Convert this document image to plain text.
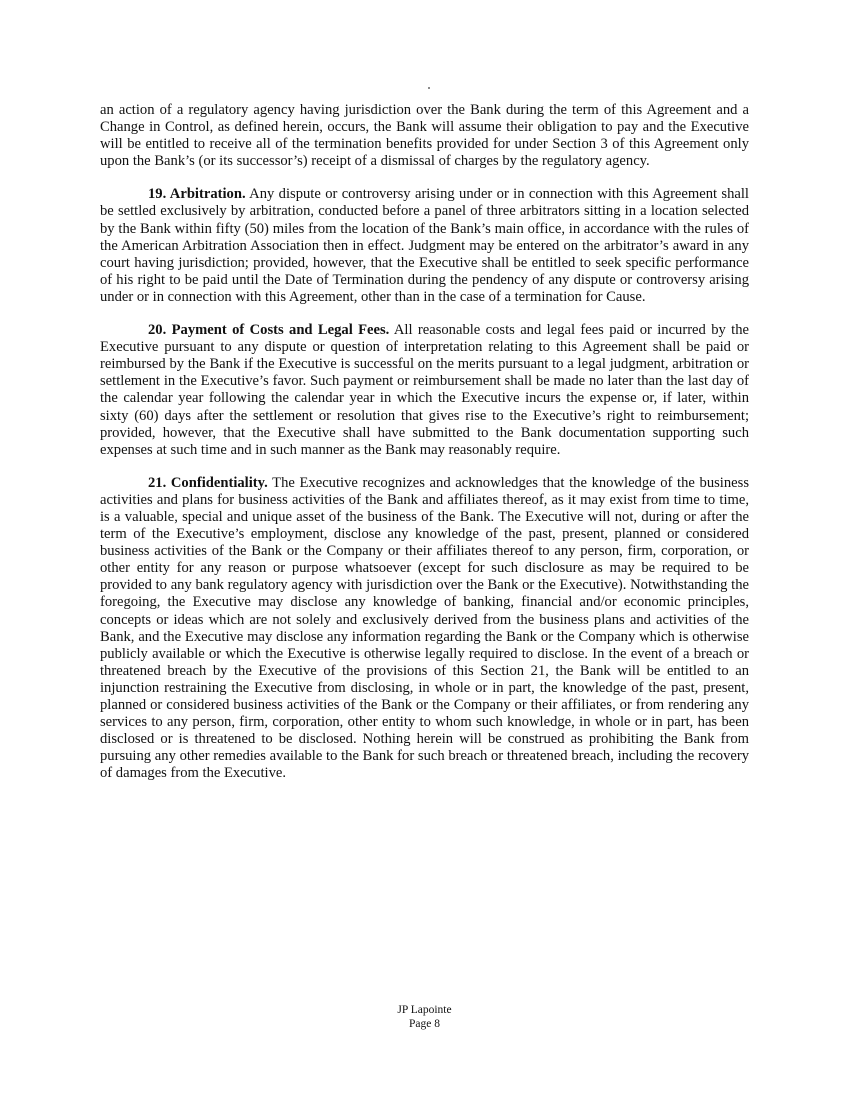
an action of a regulatory agency having jurisdiction over the Bank during the term of this Agreement and a Change in Control, as defined herein, occurs, the Bank will assume their obligation to pay and the Executive will be entitled to receive all of the termination benefits provided for under Section 3 of this Agreement only upon the Bank’s (or its successor’s) receipt of a dismissal of charges by the regulatory agency.

19. Arbitration. Any dispute or controversy arising under or in connection with this Agreement shall be settled exclusively by arbitration, conducted before a panel of three arbitrators sitting in a location selected by the Bank within fifty (50) miles from the location of the Bank’s main office, in accordance with the rules of the American Arbitration Association then in effect. Judgment may be entered on the arbitrator’s award in any court having jurisdiction; provided, however, that the Executive shall be entitled to seek specific performance of his right to be paid until the Date of Termination during the pendency of any dispute or controversy arising under or in connection with this Agreement, other than in the case of a termination for Cause.

20. Payment of Costs and Legal Fees. All reasonable costs and legal fees paid or incurred by the Executive pursuant to any dispute or question of interpretation relating to this Agreement shall be paid or reimbursed by the Bank if the Executive is successful on the merits pursuant to a legal judgment, arbitration or settlement in the Executive’s favor. Such payment or reimbursement shall be made no later than the last day of the calendar year following the calendar year in which the Executive incurs the expense or, if later, within sixty (60) days after the settlement or resolution that gives rise to the Executive’s right to reimbursement; provided, however, that the Executive shall have submitted to the Bank documentation supporting such expenses at such time and in such manner as the Bank may reasonably require.

21. Confidentiality. The Executive recognizes and acknowledges that the knowledge of the business activities and plans for business activities of the Bank and affiliates thereof, as it may exist from time to time, is a valuable, special and unique asset of the business of the Bank. The Executive will not, during or after the term of the Executive’s employment, disclose any knowledge of the past, present, planned or considered business activities of the Bank or the Company or their affiliates thereof to any person, firm, corporation, or other entity for any reason or purpose whatsoever (except for such disclosure as may be required to be provided to any bank regulatory agency with jurisdiction over the Bank or the Executive). Notwithstanding the foregoing, the Executive may disclose any knowledge of banking, financial and/or economic principles, concepts or ideas which are not solely and exclusively derived from the business plans and activities of the Bank, and the Executive may disclose any information regarding the Bank or the Company which is otherwise publicly available or which the Executive is otherwise legally required to disclose. In the event of a breach or threatened breach by the Executive of the provisions of this Section 21, the Bank will be entitled to an injunction restraining the Executive from disclosing, in whole or in part, the knowledge of the past, present, planned or considered business activities of the Bank or the Company or their affiliates, or from rendering any services to any person, firm, corporation, other entity to whom such knowledge, in whole or in part, has been disclosed or is threatened to be disclosed. Nothing herein will be construed as prohibiting the Bank from pursuing any other remedies available to the Bank for such breach or threatened breach, including the recovery of damages from the Executive.

JP Lapointe
Page 8
